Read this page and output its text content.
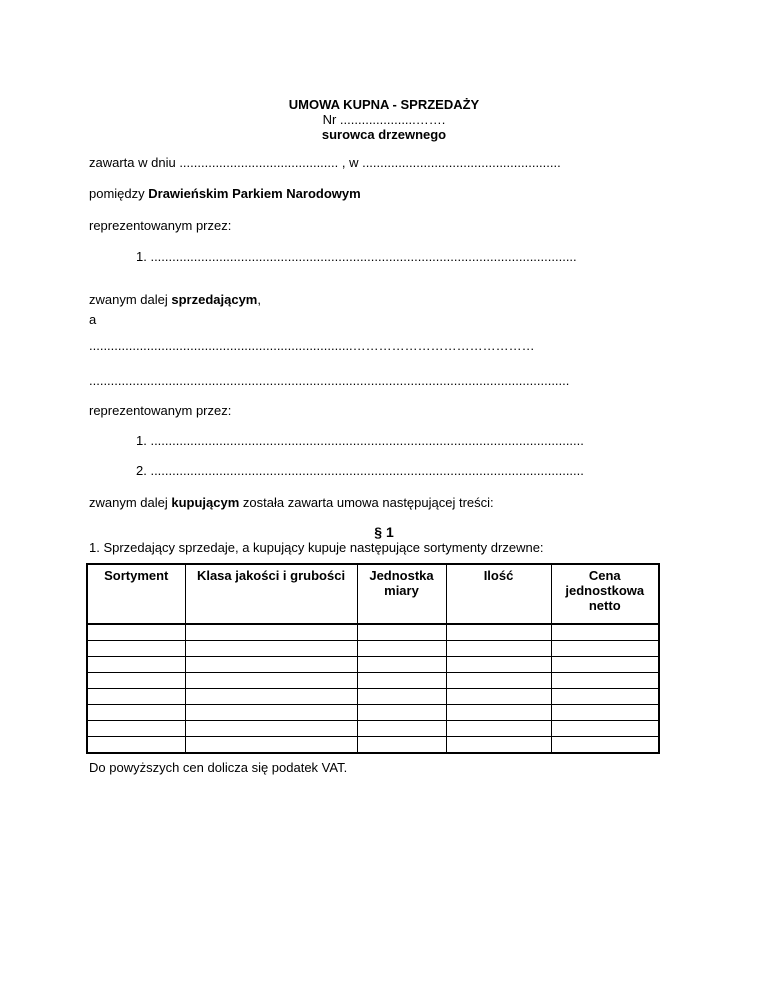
UMOWA KUPNA - SPRZEDAŻY
Nr .....................…….
surowca drzewnego
zawarta w dniu ............................................ , w .......................................................
pomiędzy Drawieńskim Parkiem Narodowym
reprezentowanym przez:
1. ......................................................................................................................
zwanym dalej sprzedającym,
a
.........................................................................……………………………………
.....................................................................................................................................
reprezentowanym przez:
1. ........................................................................................................................
2. ........................................................................................................................
zwanym dalej kupującym została zawarta umowa następującej treści:
§ 1
1. Sprzedający sprzedaje, a kupujący kupuje następujące sortymenty drzewne:
Sortyment	Klasa jakości i grubości	Jednostka miary	Ilość	Cena jednostkowa netto

Do powyższych cen dolicza się podatek VAT.
